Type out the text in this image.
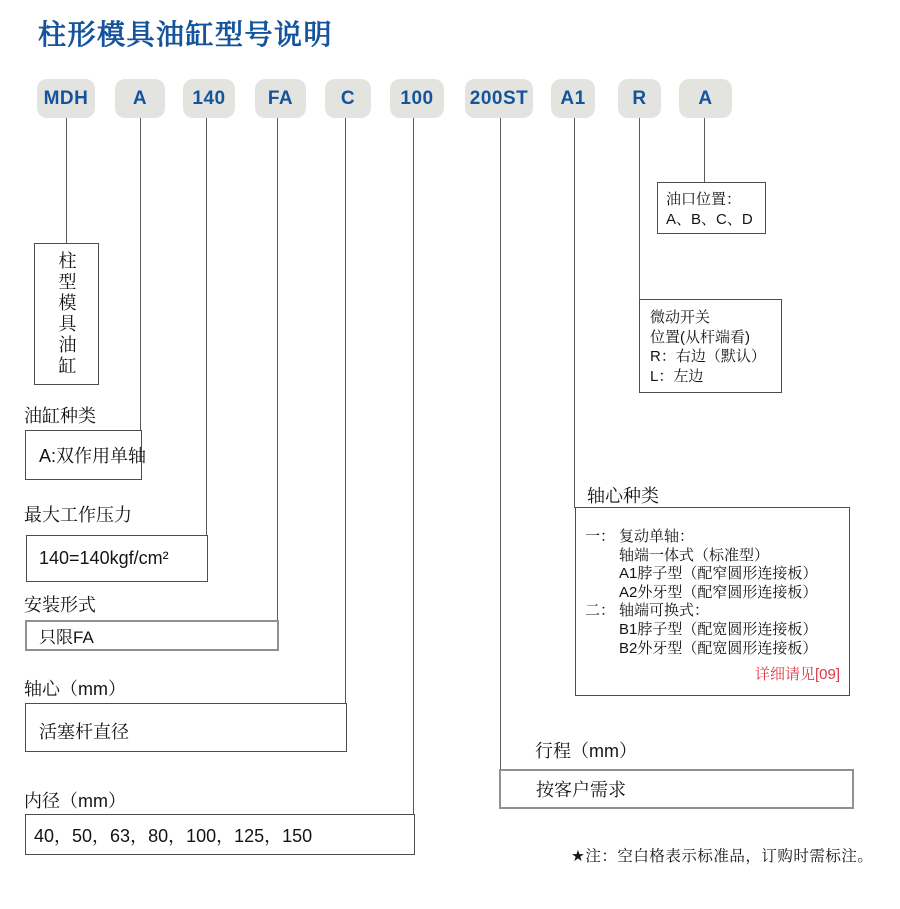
柱形模具油缸型号说明
MDH	A	140	FA	C	100	200ST	A1	R	A
柱型模具油缸
油缸种类
A:双作用单轴
最大工作压力
140=140kgf/cm²
安装形式
只限FA
轴心（mm）
活塞杆直径
内径（mm）
40，50，63，80，100，125，150
行程（mm）
按客户需求
轴心种类
一： 复动单轴：
轴端一体式（标准型）
A1脖子型（配窄圆形连接板）
A2外牙型（配窄圆形连接板）
二： 轴端可换式：
B1脖子型（配宽圆形连接板）
B2外牙型（配宽圆形连接板）
详细请见[09]
微动开关
位置(从杆端看)
R：右边（默认）
L：左边
油口位置：
A、B、C、D
★注：空白格表示标准品，订购时需标注。
